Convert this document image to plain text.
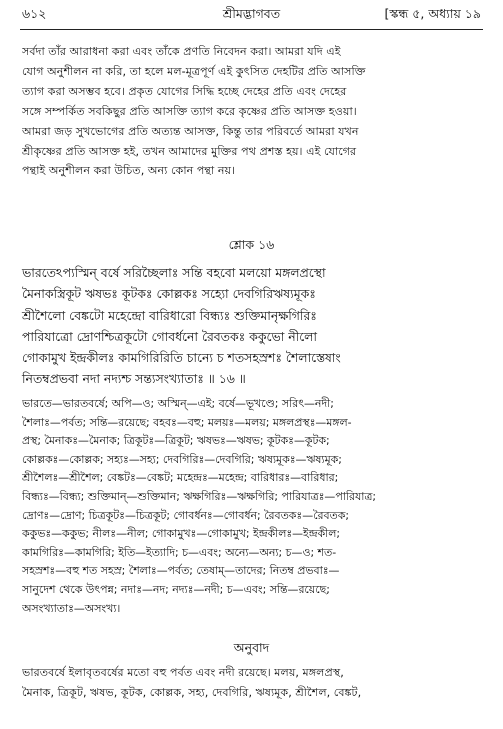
৬১২	শ্রীমদ্ভাগবত	[স্কন্ধ ৫, অধ্যায় ১৯
সর্বদা তাঁর আরাধনা করা এবং তাঁকে প্রণতি নিবেদন করা। আমরা যদি এই
যোগ অনুশীলন না করি, তা হলে মল-মূত্রপূর্ণ এই কুৎসিত দেহটির প্রতি আসক্তি
ত্যাগ করা অসম্ভব হবে। প্রকৃত যোগের সিদ্ধি হচ্ছে দেহের প্রতি এবং দেহের
সঙ্গে সম্পর্কিত সবকিছুর প্রতি আসক্তি ত্যাগ করে কৃষ্ণের প্রতি আসক্ত হওয়া।
আমরা জড় সুখভোগের প্রতি অত্যন্ত আসক্ত, কিন্তু তার পরিবর্তে আমরা যখন
শ্রীকৃষ্ণের প্রতি আসক্ত হই, তখন আমাদের মুক্তির পথ প্রশস্ত হয়। এই যোগের
পন্থাই অনুশীলন করা উচিত, অন্য কোন পন্থা নয়।
শ্লোক ১৬
ভারতেঽপ্যস্মিন্ বর্ষে সরিচ্ছৈলাঃ সন্তি বহবো মলয়ো মঙ্গলপ্রস্থো
মৈনাকস্ত্রিকূট ঋষভঃ কূটকঃ কোল্লকঃ সহ্যো দেবগিরিঋষ্যমূকঃ
শ্রীশৈলো বেঙ্কটো মহেন্দ্রো বারিধারো বিন্ধ্যঃ শুক্তিমানৃক্ষগিরিঃ
পারিযাত্রো দ্রোণশ্চিত্রকূটো গোবর্ধনো রৈবতকঃ ককুভো নীলো
গোকামুখ ইন্দ্রকীলঃ কামগিরিরিতি চান্যে চ শতসহস্রশঃ শৈলাস্তেষাং
নিতম্বপ্রভবা নদা নদ্যশ্চ সন্ত্যসংখ্যাতাঃ ॥ ১৬ ॥
ভারতে—ভারতবর্ষে; অপি—ও; অস্মিন্—এই; বর্ষে—ভূখণ্ডে; সরিৎ—নদী;
শৈলাঃ—পর্বত; সন্তি—রয়েছে; বহবঃ—বহু; মলয়ঃ—মলয়; মঙ্গলপ্রস্থঃ—মঙ্গল-
প্রস্থ; মৈনাকঃ—মৈনাক; ত্রিকূটঃ—ত্রিকূট; ঋষভঃ—ঋষভ; কূটকঃ—কূটক;
কোল্লকঃ—কোল্লক; সহ্যঃ—সহ্য; দেবগিরিঃ—দেবগিরি; ঋষ্যমূকঃ—ঋষ্যমূক;
শ্রীশৈলঃ—শ্রীশৈল; বেঙ্কটঃ—বেঙ্কট; মহেন্দ্রঃ—মহেন্দ্র; বারিধারঃ—বারিধার;
বিন্ধ্যঃ—বিন্ধ্য; শুক্তিমান্—শুক্তিমান; ঋক্ষগিরিঃ—ঋক্ষগিরি; পারিযাত্রঃ—পারিযাত্র;
দ্রোণঃ—দ্রোণ; চিত্রকূটঃ—চিত্রকূট; গোবর্ধনঃ—গোবর্ধন; রৈবতকঃ—রৈবতক;
ককুভঃ—ককুভ; নীলঃ—নীল; গোকামুখঃ—গোকামুখ; ইন্দ্রকীলঃ—ইন্দ্রকীল;
কামগিরিঃ—কামগিরি; ইতি—ইত্যাদি; চ—এবং; অন্যে—অন্য; চ—ও; শত-
সহস্রশঃ—বহু শত সহস্র; শৈলাঃ—পর্বত; তেষাম্—তাদের; নিতম্ব প্রভবাঃ—
সানুদেশ থেকে উৎপন্ন; নদাঃ—নদ; নদ্যঃ—নদী; চ—এবং; সন্তি—রয়েছে;
অসংখ্যাতাঃ—অসংখ্য।
অনুবাদ
ভারতবর্ষে ইলাবৃতবর্ষের মতো বহু পর্বত এবং নদী রয়েছে। মলয়, মঙ্গলপ্রস্থ,
মৈনাক, ত্রিকূট, ঋষভ, কূটক, কোল্লক, সহ্য, দেবগিরি, ঋষ্যমূক, শ্রীশৈল, বেঙ্কট,
